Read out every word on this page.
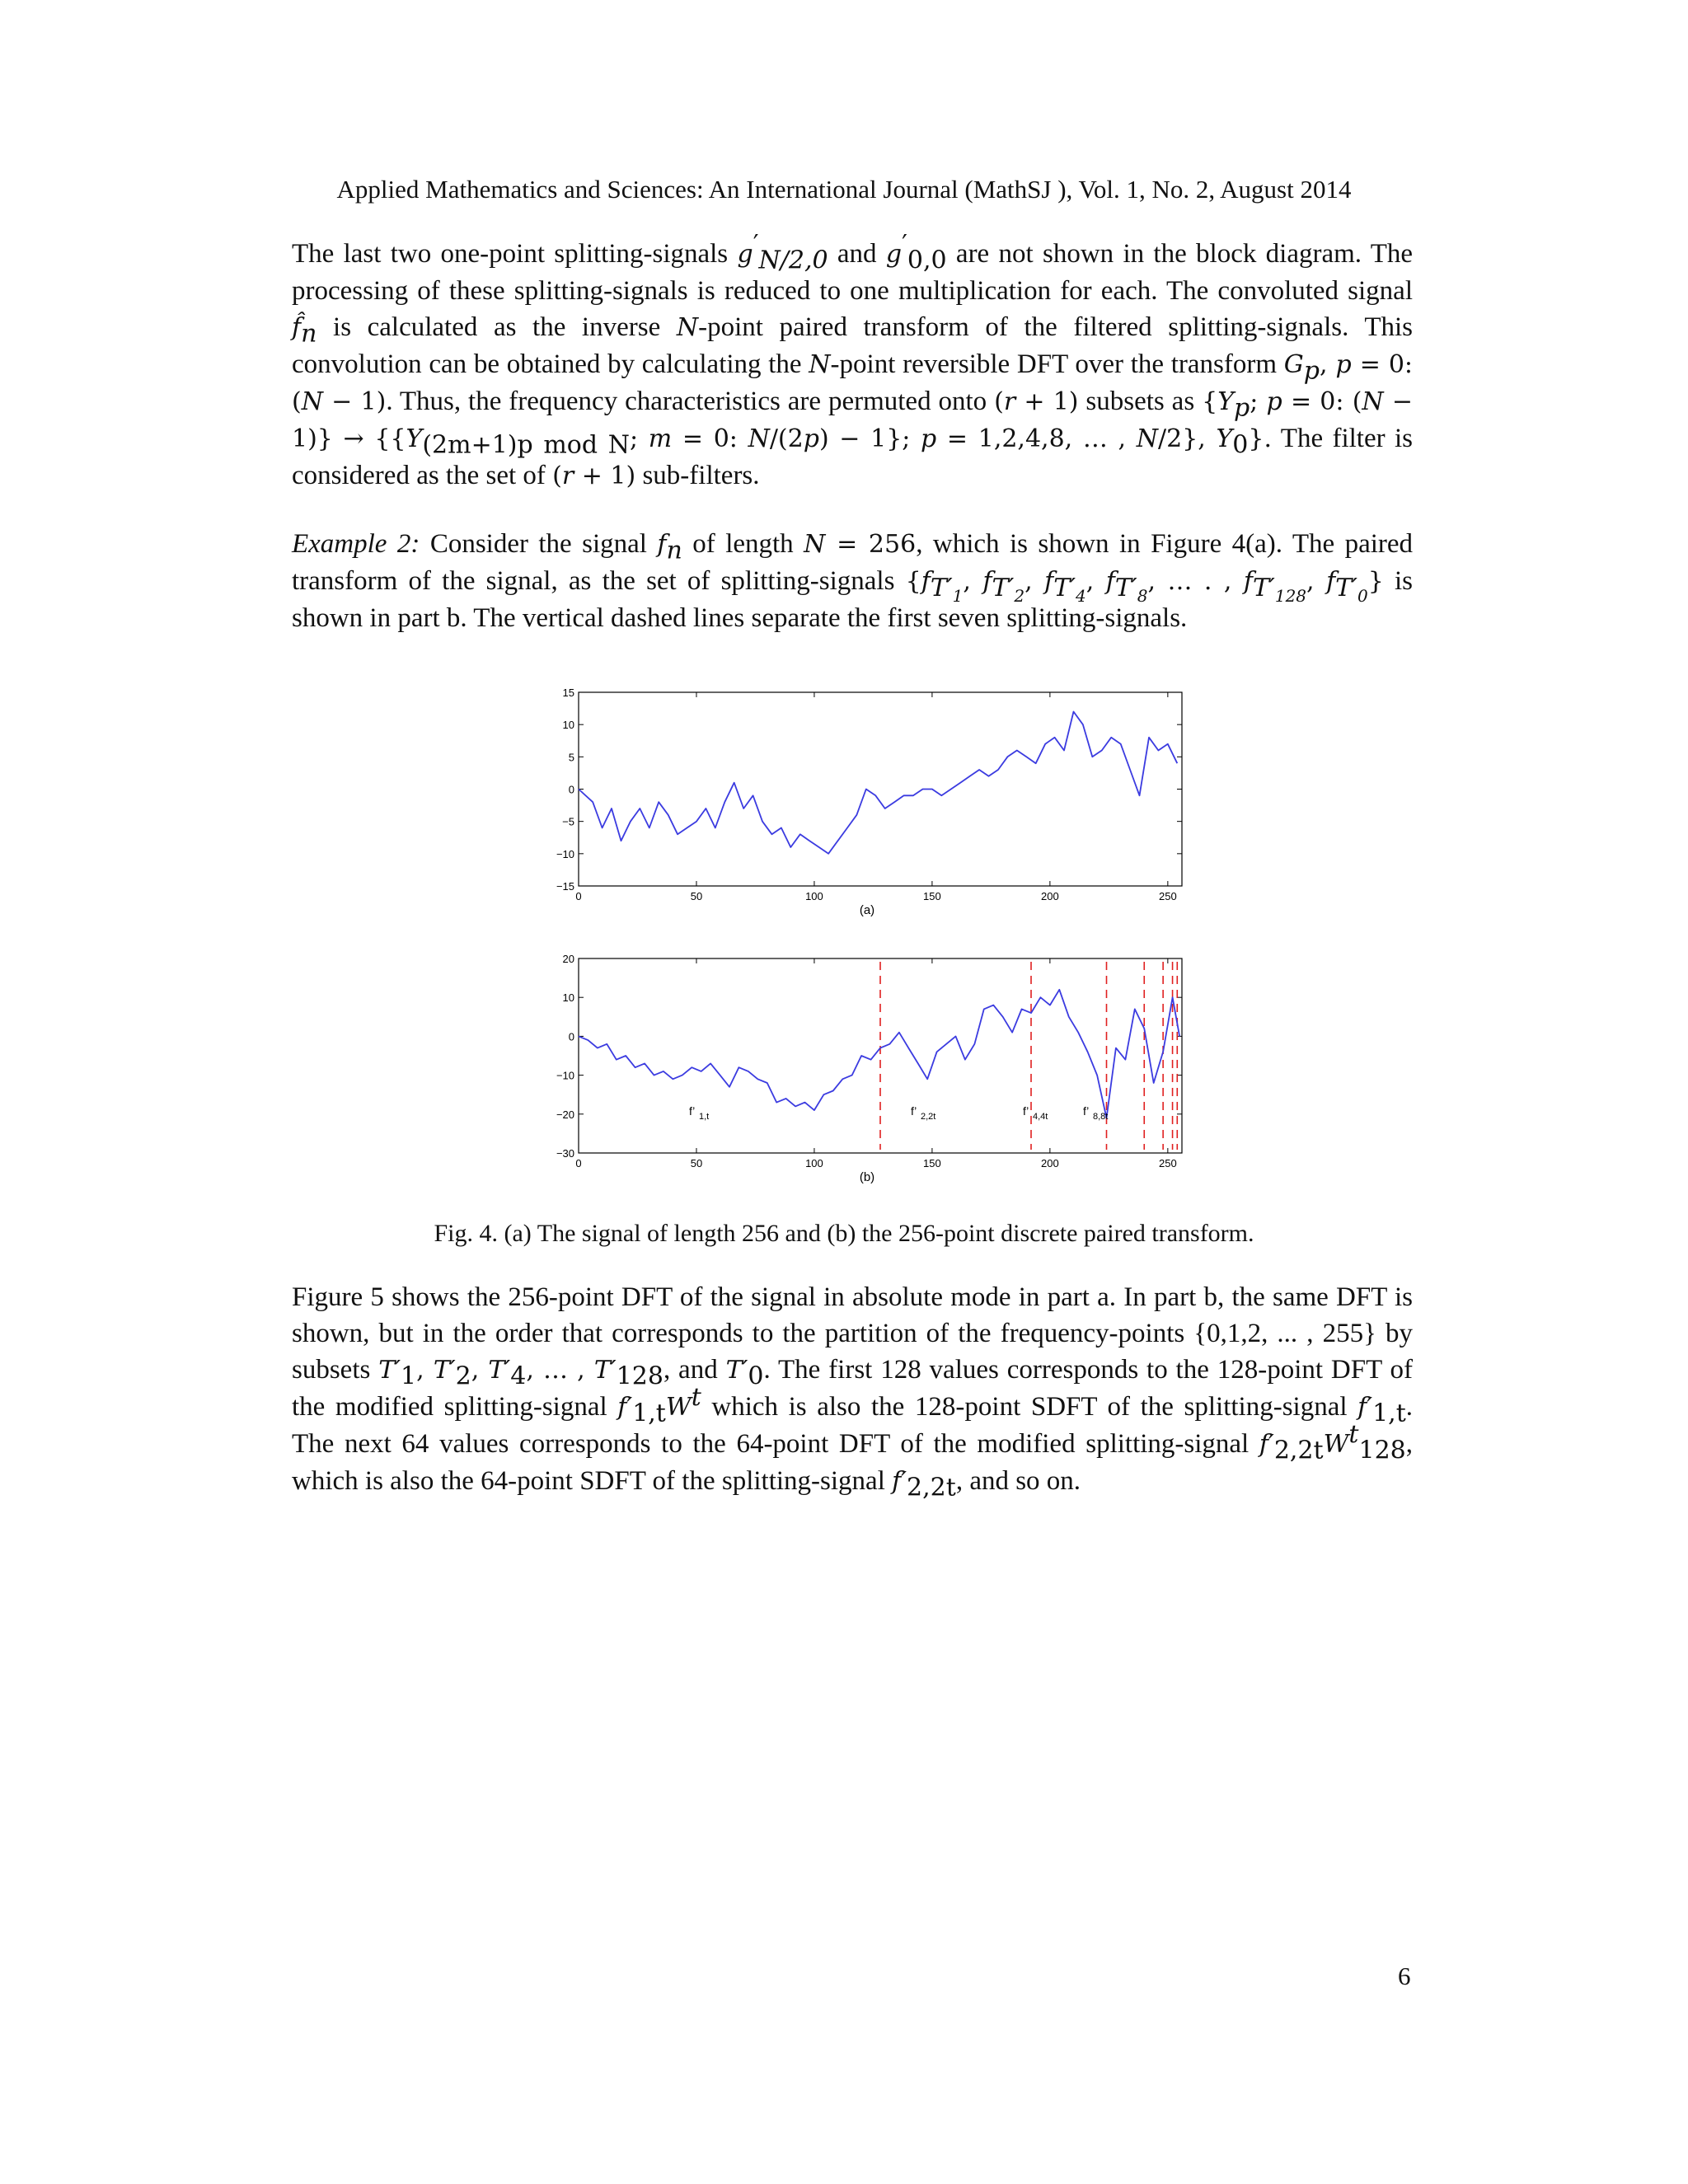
Applied Mathematics and Sciences: An International Journal (MathSJ ), Vol. 1, No. 2, August 2014
The last two one-point splitting-signals $g'_{N/2,0}$ and $g'_{0,0}$ are not shown in the block diagram. The processing of these splitting-signals is reduced to one multiplication for each. The convoluted signal $f̂_n$ is calculated as the inverse N-point paired transform of the filtered splitting-signals. This convolution can be obtained by calculating the N-point reversible DFT over the transform $G_p$, p = 0: (N − 1). Thus, the frequency characteristics are permuted onto (r + 1) subsets as {$Y_p$; p = 0: $(N - 1)\} \to \{\{Y_{(2m+1)p mod N}$; m = 0: N/(2p) − 1}; p = 1,2,4,8, … , N/2}, $Y_0$}. The filter is considered as the set of (r + 1) sub-filters.
Example 2: Consider the signal $f_n$ of length N = 256, which is shown in Figure 4(a). The paired transform of the signal, as the set of splitting-signals {$f_{T'_1}$, $f_{T'_2}$, $f_{T'_4}$, $f_{T'_8}$, … . , $f_{T'_{128}}$, $f_{T'_0}$} is shown in part b. The vertical dashed lines separate the first seven splitting-signals.
0	50	100	150	200	250
15
10
5
0
−5
−10
−15
0	50	100	150	200	250
20
10
0
−10
−20
−30
(a)
(b)
f’ 1,t	f’ 2,2t	f’ 4,4t	f’ 8,8t
Fig. 4. (a) The signal of length 256 and (b) the 256-point discrete paired transform.
Figure 5 shows the 256-point DFT of the signal in absolute mode in part a. In part b, the same DFT is shown, but in the order that corresponds to the partition of the frequency-points {0,1,2, ... , 255} by subsets $T'_1$, $T'_2$, $T'_4$, … , $T'_{128}$, and $T'_0$. The first 128 values corresponds to the 128-point DFT of the modified splitting-signal $f'_{1,t}W^t$ which is also the 128-point SDFT of the splitting-signal $f'_{1,t}$. The next 64 values corresponds to the 64-point DFT of the modified splitting-signal $f'_{2,2t}W^t_{128}$, which is also the 64-point SDFT of the splitting-signal $f'_{2,2t}$, and so on.
6
